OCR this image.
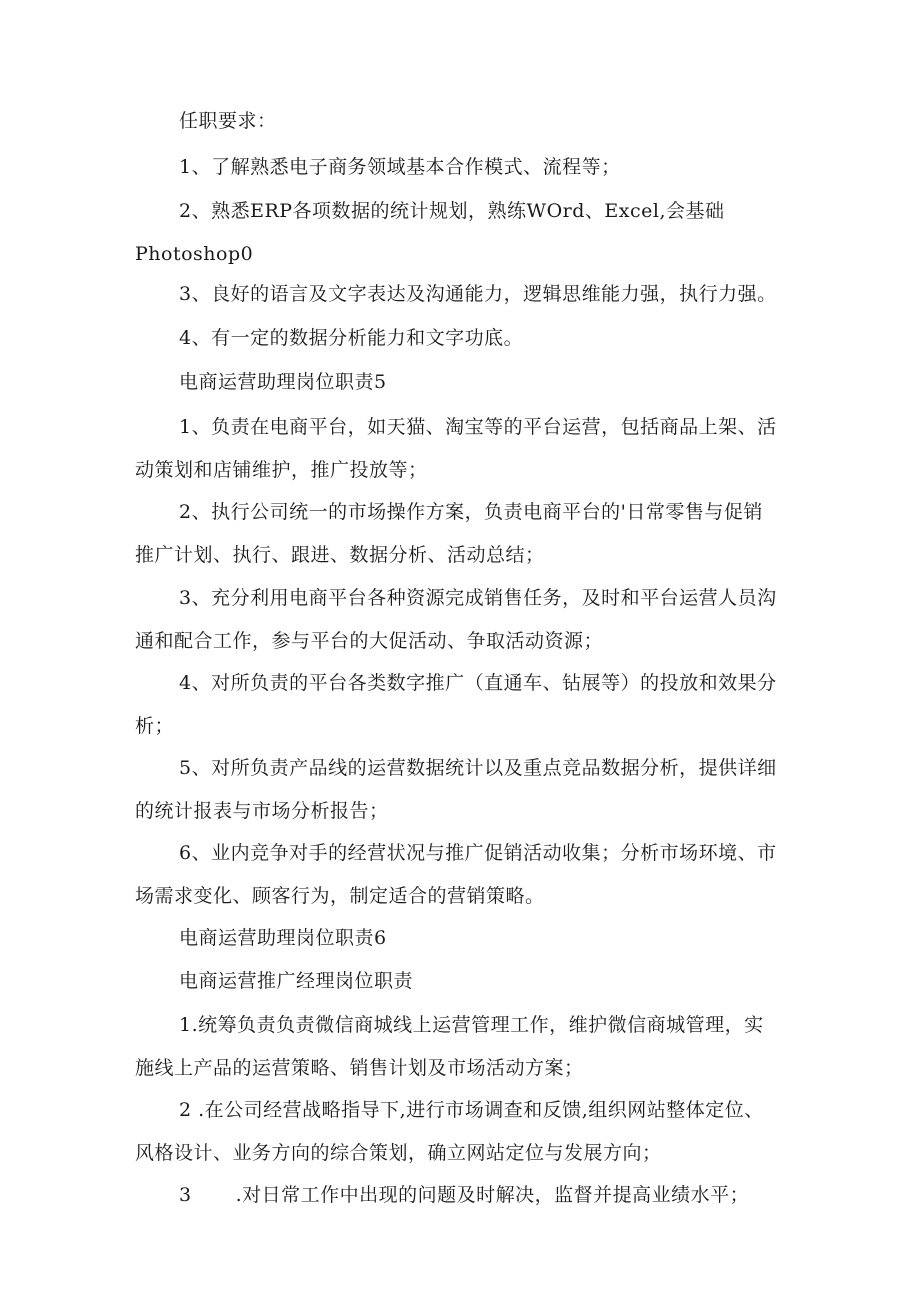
任职要求：

1、了解熟悉电子商务领域基本合作模式、流程等；

2、熟悉ERP各项数据的统计规划，熟练WOrd、Excel,会基础
Photoshop0

3、良好的语言及文字表达及沟通能力，逻辑思维能力强，执行力强。

4、有一定的数据分析能力和文字功底。

电商运营助理岗位职责5

1、负责在电商平台，如天猫、淘宝等的平台运营，包括商品上架、活
动策划和店铺维护，推广投放等；

2、执行公司统一的市场操作方案，负责电商平台的'日常零售与促销
推广计划、执行、跟进、数据分析、活动总结；

3、充分利用电商平台各种资源完成销售任务，及时和平台运营人员沟
通和配合工作，参与平台的大促活动、争取活动资源；

4、对所负责的平台各类数字推广（直通车、钻展等）的投放和效果分
析；

5、对所负责产品线的运营数据统计以及重点竞品数据分析，提供详细
的统计报表与市场分析报告；

6、业内竞争对手的经营状况与推广促销活动收集；分析市场环境、市
场需求变化、顾客行为，制定适合的营销策略。

电商运营助理岗位职责6

电商运营推广经理岗位职责

1.统筹负责负责微信商城线上运营管理工作，维护微信商城管理，实
施线上产品的运营策略、销售计划及市场活动方案；

2 .在公司经营战略指导下,进行市场调查和反馈,组织网站整体定位、
风格设计、业务方向的综合策划，确立网站定位与发展方向；

3 .对日常工作中出现的问题及时解决，监督并提高业绩水平；
